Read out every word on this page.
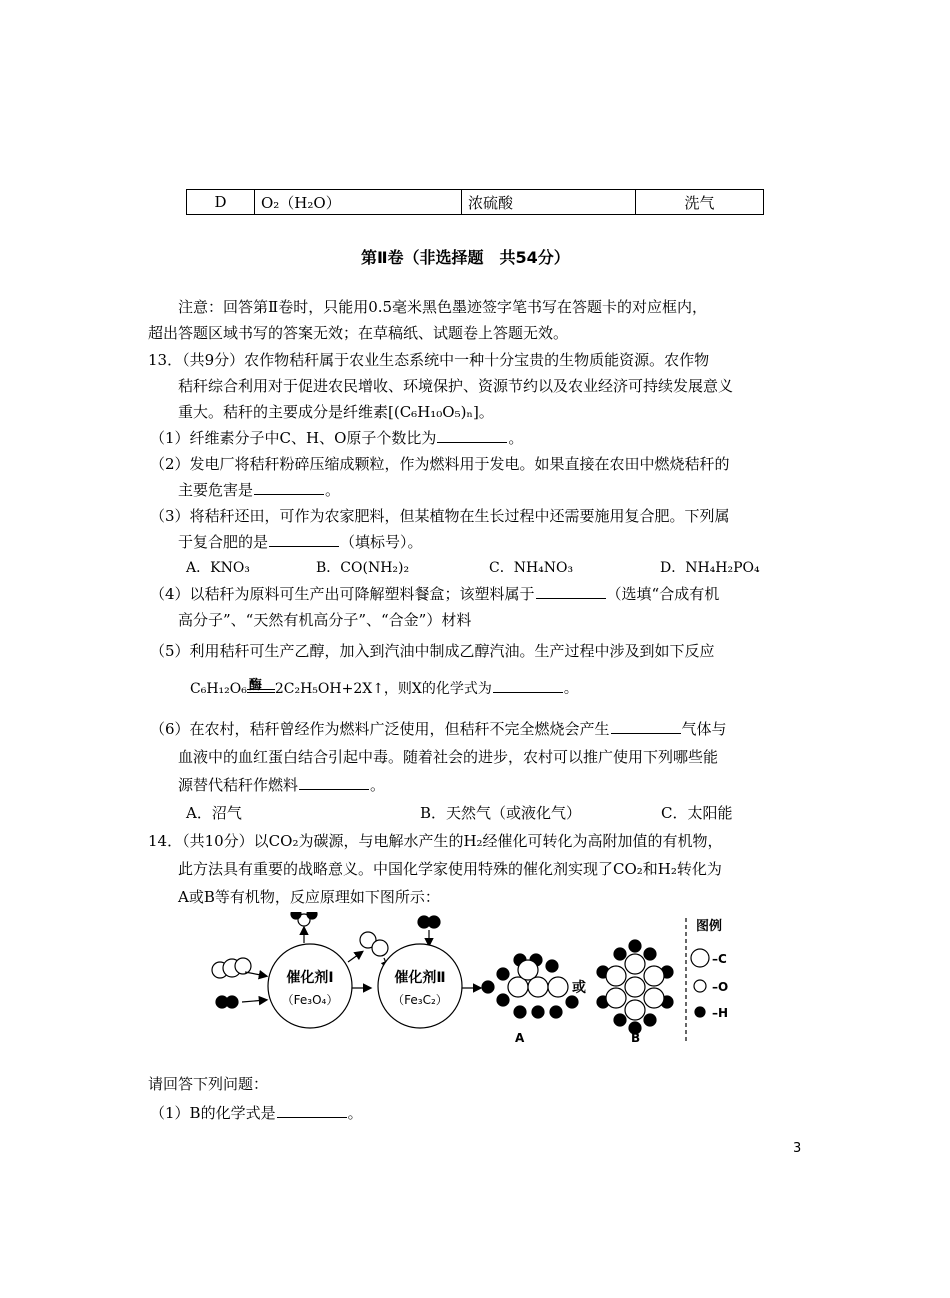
D	O₂（H₂O）	浓硫酸	洗气
第Ⅱ卷（非选择题　共54分）
注意：回答第Ⅱ卷时，只能用0.5毫米黑色墨迹签字笔书写在答题卡的对应框内，
超出答题区域书写的答案无效；在草稿纸、试题卷上答题无效。
13．（共9分）农作物秸秆属于农业生态系统中一种十分宝贵的生物质能资源。农作物
秸秆综合利用对于促进农民增收、环境保护、资源节约以及农业经济可持续发展意义
重大。秸秆的主要成分是纤维素[(C₆H₁₀O₅)ₙ]。
（1）纤维素分子中C、H、O原子个数比为	。
（2）发电厂将秸秆粉碎压缩成颗粒，作为燃料用于发电。如果直接在农田中燃烧秸秆的
主要危害是	。
（3）将秸秆还田，可作为农家肥料，但某植物在生长过程中还需要施用复合肥。下列属
于复合肥的是	（填标号）。
A．KNO₃	B．CO(NH₂)₂	C．NH₄NO₃	D．NH₄H₂PO₄
（4）以秸秆为原料可生产出可降解塑料餐盒；该塑料属于	（选填“合成有机
高分子”、“天然有机高分子”、“合金”）材料
（5）利用秸秆可生产乙醇，加入到汽油中制成乙醇汽油。生产过程中涉及到如下反应
C₆H₁₂O₆ 酶 2C₂H₅OH+2X↑，则X的化学式为	。
（6）在农村，秸秆曾经作为燃料广泛使用，但秸秆不完全燃烧会产生	气体与
血液中的血红蛋白结合引起中毒。随着社会的进步，农村可以推广使用下列哪些能
源替代秸秆作燃料	。
A．沼气	B．天然气（或液化气）	C．太阳能
14．（共10分）以CO₂为碳源，与电解水产生的H₂经催化可转化为高附加值的有机物，
此方法具有重要的战略意义。中国化学家使用特殊的催化剂实现了CO₂和H₂转化为
A或B等有机物，反应原理如下图所示：
催化剂Ⅰ
（Fe₃O₄）
催化剂Ⅱ
（Fe₃C₂）
或
A	B
图例
–C
–O
–H
请回答下列问题：
（1）B的化学式是	。
3
